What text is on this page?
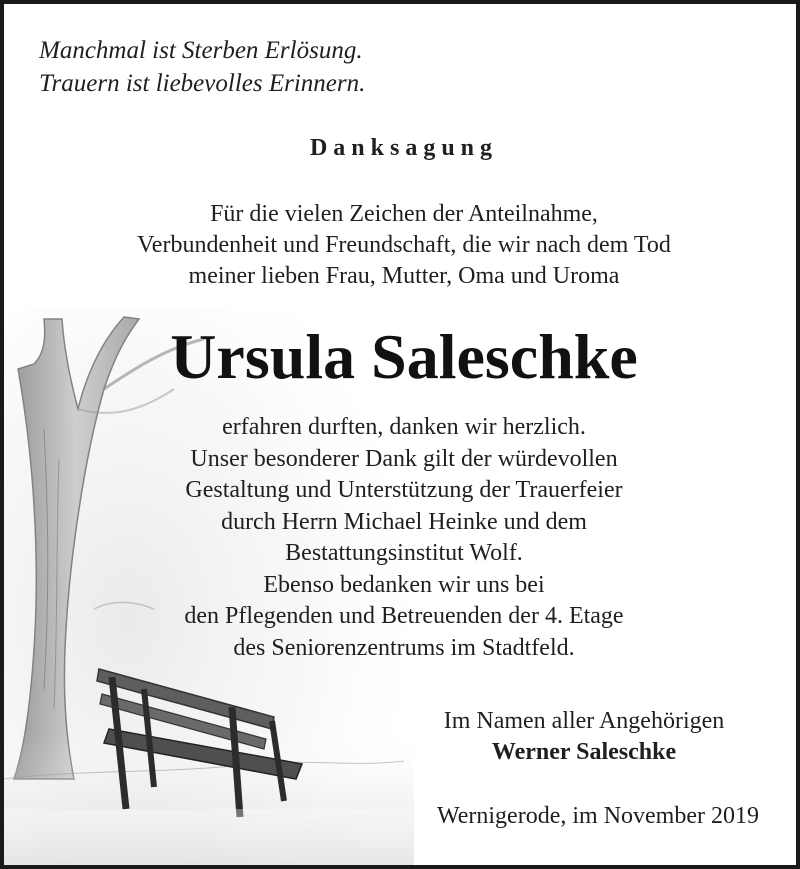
Manchmal ist Sterben Erlösung.
Trauern ist liebevolles Erinnern.
Danksagung
Für die vielen Zeichen der Anteilnahme,
Verbundenheit und Freundschaft, die wir nach dem Tod
meiner lieben Frau, Mutter, Oma und Uroma
Ursula Saleschke
erfahren durften, danken wir herzlich.
Unser besonderer Dank gilt der würdevollen
Gestaltung und Unterstützung der Trauerfeier
durch Herrn Michael Heinke und dem
Bestattungsinstitut Wolf.
Ebenso bedanken wir uns bei
den Pflegenden und Betreuenden der 4. Etage
des Seniorenzentrums im Stadtfeld.
Im Namen aller Angehörigen
Werner Saleschke
Wernigerode, im November 2019
